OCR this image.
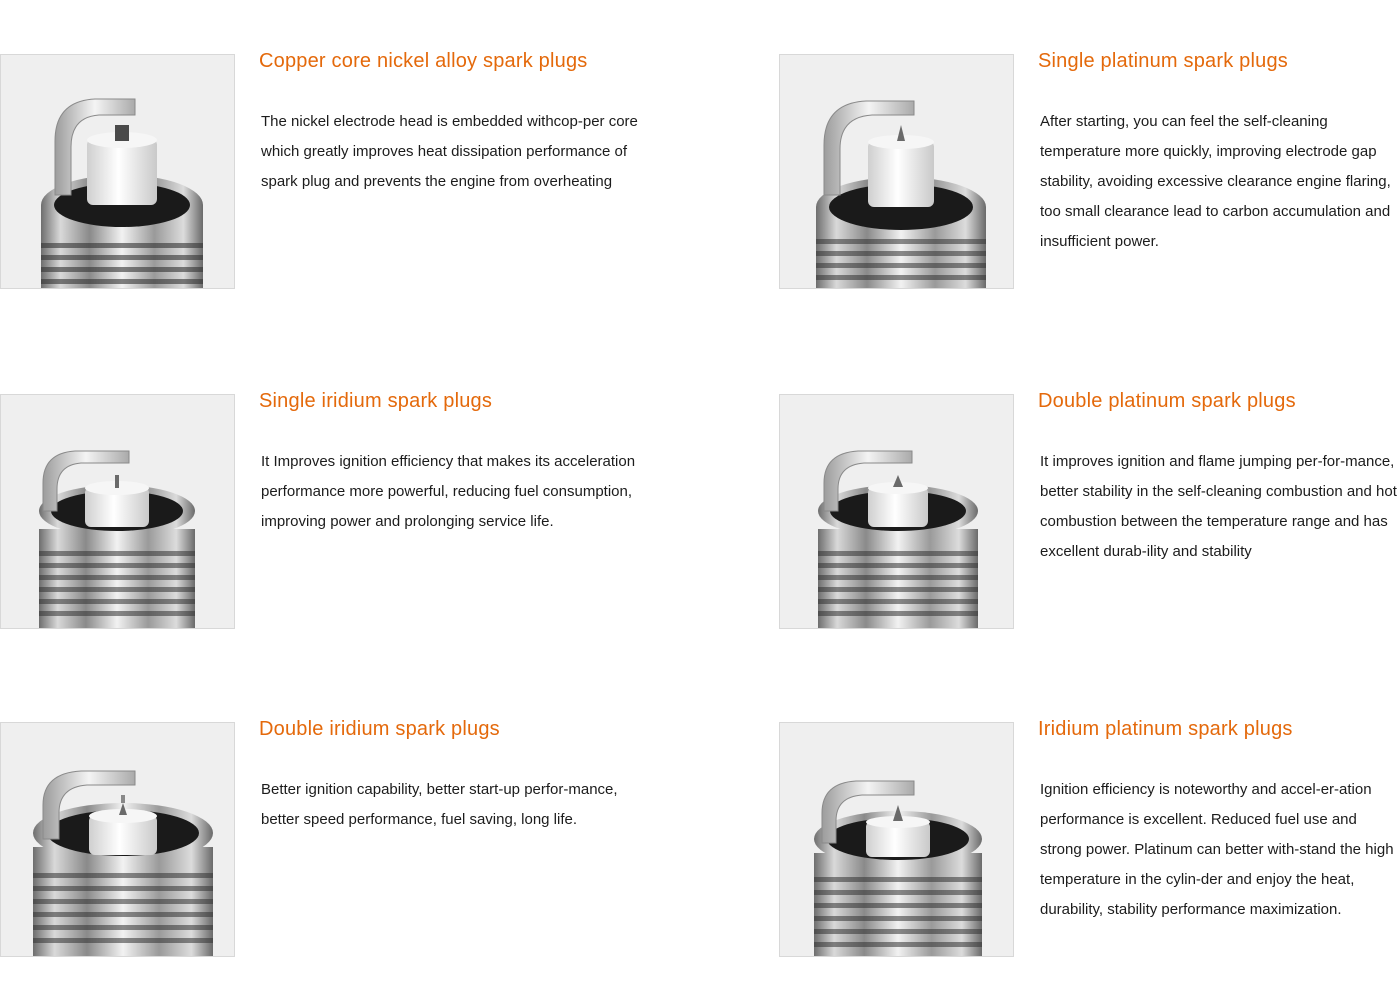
Copper core nickel alloy spark plugs

The nickel electrode head is embedded withcop-per core which greatly improves heat dissipation performance of spark plug and prevents the engine from overheating

Single platinum spark plugs

After starting, you can feel the self-cleaning temperature more quickly, improving electrode gap stability, avoiding excessive clearance engine flaring, too small clearance lead to carbon accumulation and insufficient power.

Single iridium spark plugs

It Improves ignition efficiency that makes its acceleration performance more powerful, reducing fuel consumption, improving power and prolonging service life.

Double platinum spark plugs

It improves ignition and flame jumping per-for-mance, better stability in the self-cleaning combustion and hot combustion between the temperature range and has excellent durab-ility and stability

Double iridium spark plugs

Better ignition capability, better start-up perfor-mance, better speed performance, fuel saving, long life.

Iridium platinum spark plugs

Ignition efficiency is noteworthy and accel-er-ation performance is excellent. Reduced fuel use and strong power. Platinum can better with-stand the high temperature in the cylin-der and enjoy the heat, durability, stability performance maximization.
